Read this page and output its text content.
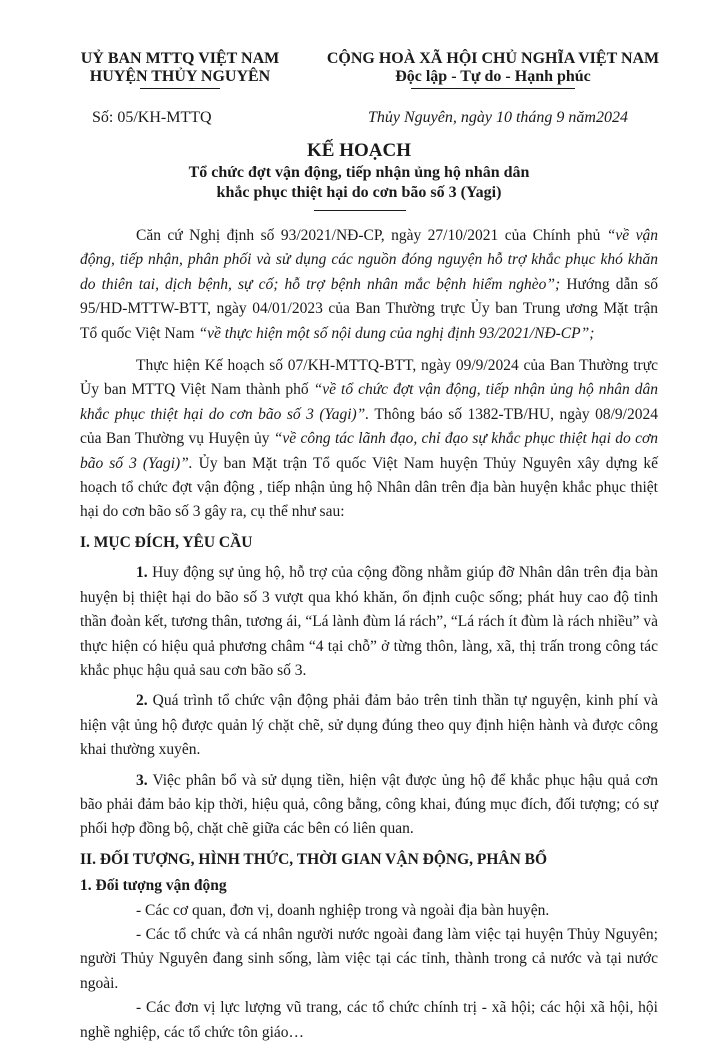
UỶ BAN MTTQ VIỆT NAM
HUYỆN THỦY NGUYÊN
CỘNG HOÀ XÃ HỘI CHỦ NGHĨA VIỆT NAM
Độc lập - Tự do - Hạnh phúc
Số: 05/KH-MTTQ	Thủy Nguyên, ngày 10 tháng 9 năm2024
KẾ HOẠCH
Tổ chức đợt vận động, tiếp nhận ủng hộ nhân dân
khắc phục thiệt hại do cơn bão số 3 (Yagi)

Căn cứ Nghị định số 93/2021/NĐ-CP, ngày 27/10/2021 của Chính phủ “về vận động, tiếp nhận, phân phối và sử dụng các nguồn đóng nguyện hỗ trợ khắc phục khó khăn do thiên tai, dịch bệnh, sự cố; hỗ trợ bệnh nhân mắc bệnh hiểm nghèo”; Hướng dẫn số 95/HD-MTTW-BTT, ngày 04/01/2023 của Ban Thường trực Ủy ban Trung ương Mặt trận Tổ quốc Việt Nam “về thực hiện một số nội dung của nghị định 93/2021/NĐ-CP”;

Thực hiện Kế hoạch số 07/KH-MTTQ-BTT, ngày 09/9/2024 của Ban Thường trực Ủy ban MTTQ Việt Nam thành phố “về tổ chức đợt vận động, tiếp nhận ủng hộ nhân dân khắc phục thiệt hại do cơn bão số 3 (Yagi)”. Thông báo số 1382-TB/HU, ngày 08/9/2024 của Ban Thường vụ Huyện ủy “về công tác lãnh đạo, chỉ đạo sự khắc phục thiệt hại do cơn bão số 3 (Yagi)”. Ủy ban Mặt trận Tổ quốc Việt Nam huyện Thủy Nguyên xây dựng kế hoạch tổ chức đợt vận động , tiếp nhận ủng hộ Nhân dân trên địa bàn huyện khắc phục thiệt hại do cơn bão số 3 gây ra, cụ thể như sau:

I. MỤC ĐÍCH, YÊU CẦU

1. Huy động sự ủng hộ, hỗ trợ của cộng đồng nhằm giúp đỡ Nhân dân trên địa bàn huyện bị thiệt hại do bão số 3 vượt qua khó khăn, ổn định cuộc sống; phát huy cao độ tinh thần đoàn kết, tương thân, tương ái, “Lá lành đùm lá rách”, “Lá rách ít đùm là rách nhiều” và thực hiện có hiệu quả phương châm “4 tại chỗ” ở từng thôn, làng, xã, thị trấn trong công tác khắc phục hậu quả sau cơn bão số 3.

2. Quá trình tổ chức vận động phải đảm bảo trên tinh thần tự nguyện, kinh phí và hiện vật ủng hộ được quản lý chặt chẽ, sử dụng đúng theo quy định hiện hành và được công khai thường xuyên.

3. Việc phân bổ và sử dụng tiền, hiện vật được ủng hộ để khắc phục hậu quả cơn bão phải đảm bảo kịp thời, hiệu quả, công bằng, công khai, đúng mục đích, đối tượng; có sự phối hợp đồng bộ, chặt chẽ giữa các bên có liên quan.

II. ĐỐI TƯỢNG, HÌNH THỨC, THỜI GIAN VẬN ĐỘNG, PHÂN BỔ

1. Đối tượng vận động

- Các cơ quan, đơn vị, doanh nghiệp trong và ngoài địa bàn huyện.

- Các tổ chức và cá nhân người nước ngoài đang làm việc tại huyện Thủy Nguyên; người Thủy Nguyên đang sinh sống, làm việc tại các tỉnh, thành trong cả nước và tại nước ngoài.

- Các đơn vị lực lượng vũ trang, các tổ chức chính trị - xã hội; các hội xã hội, hội nghề nghiệp, các tổ chức tôn giáo…
